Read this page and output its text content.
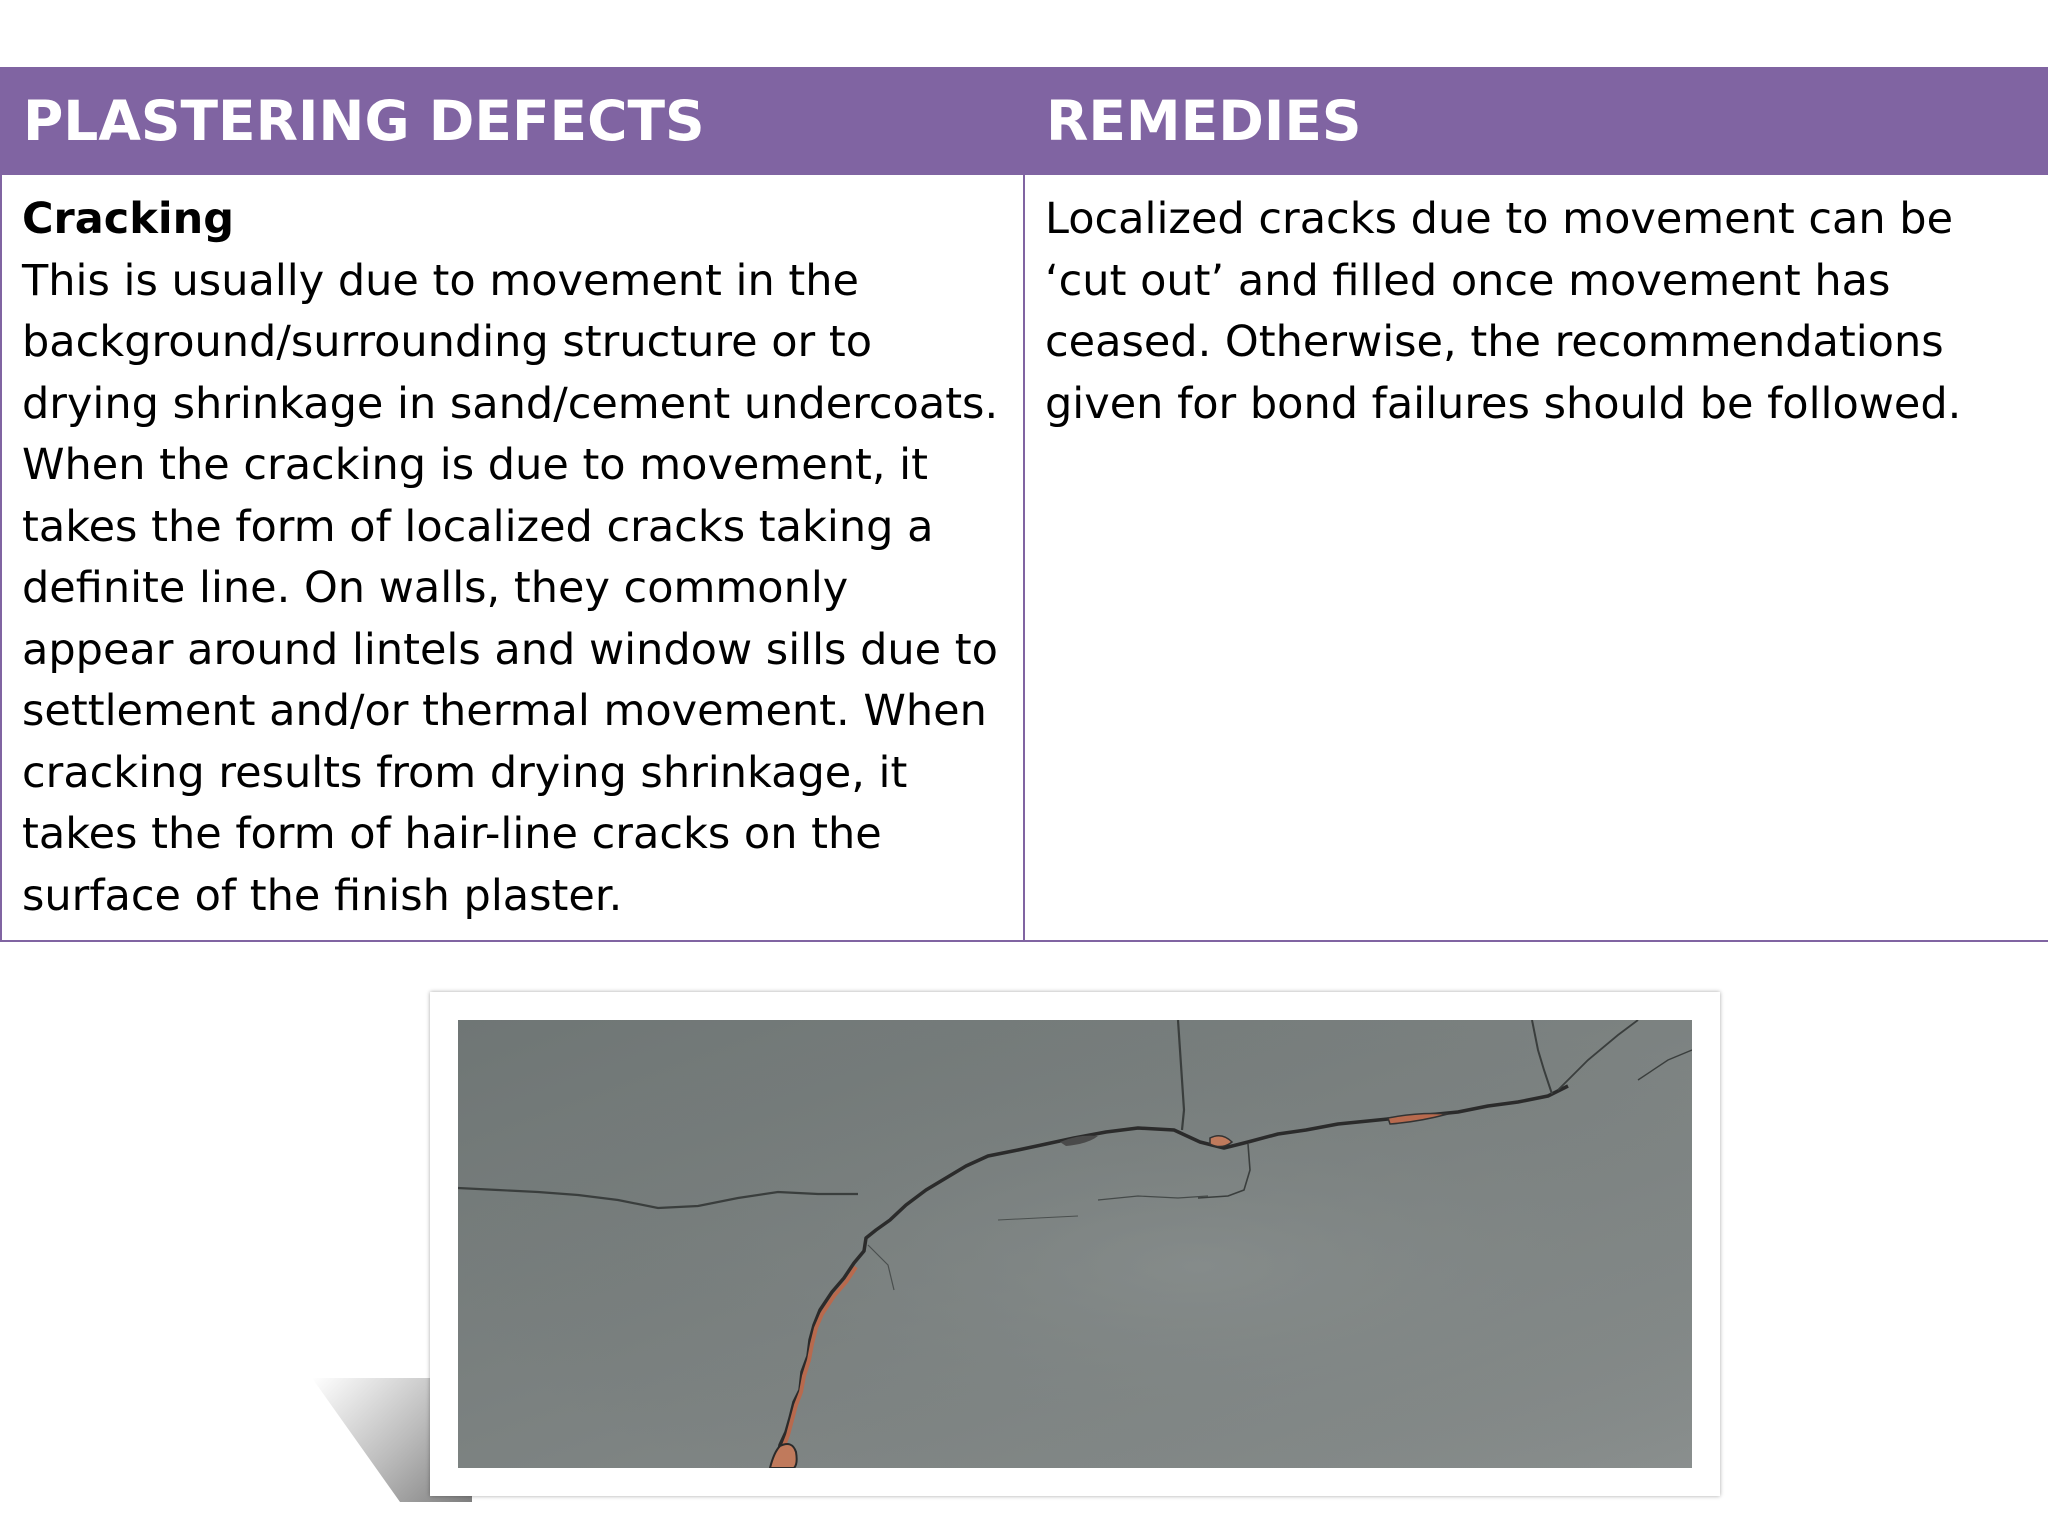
PLASTERING DEFECTS	REMEDIES

Cracking
This is usually due to movement in the background/surrounding structure or to drying shrinkage in sand/cement undercoats. When the cracking is due to movement, it takes the form of localized cracks taking a definite line. On walls, they commonly appear around lintels and window sills due to settlement and/or thermal movement. When cracking results from drying shrinkage, it takes the form of hair-line cracks on the surface of the finish plaster.	Localized cracks due to movement can be ‘cut out’ and filled once movement has ceased. Otherwise, the recommendations given for bond failures should be followed.
